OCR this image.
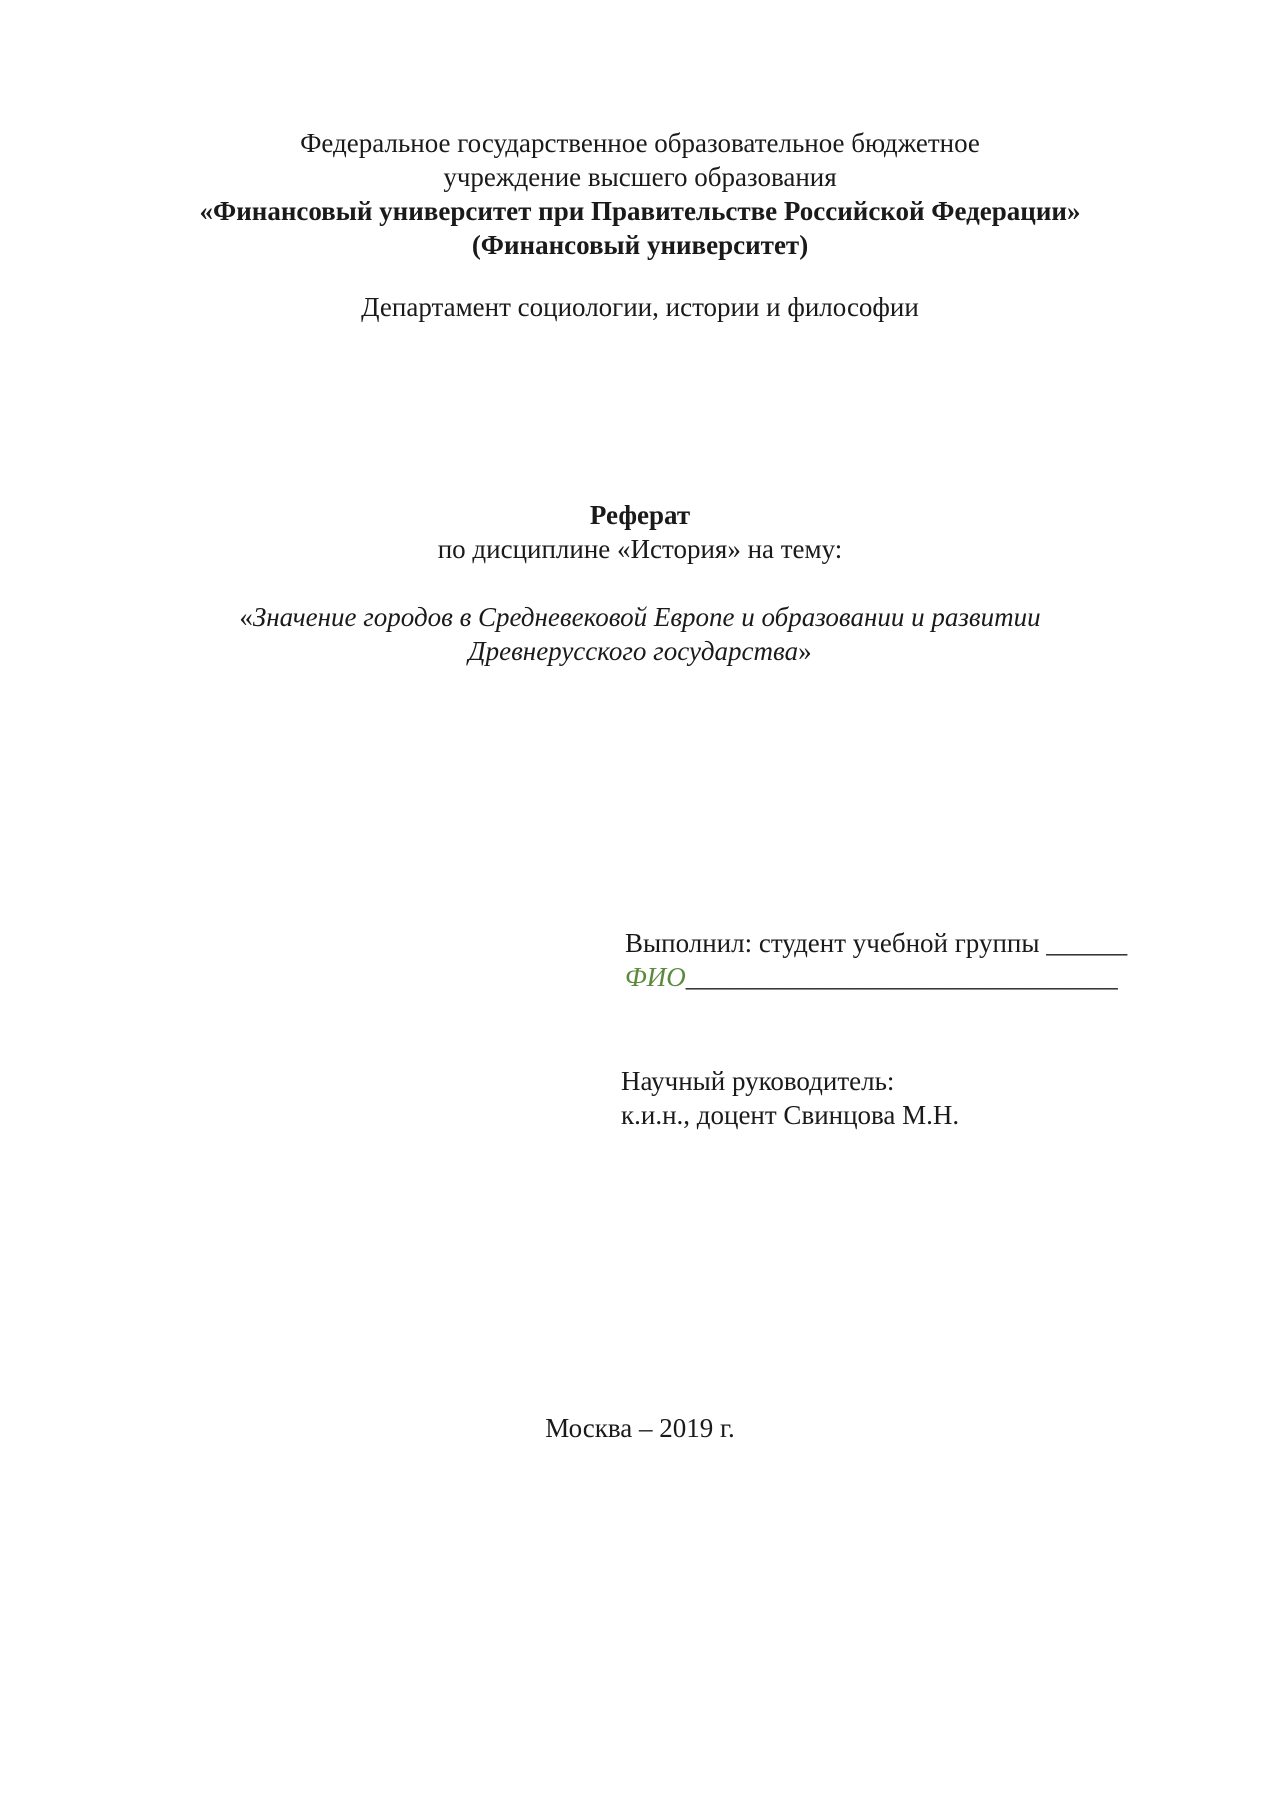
Федеральное государственное образовательное бюджетное
учреждение высшего образования
«Финансовый университет при Правительстве Российской Федерации»
(Финансовый университет)
Департамент социологии, истории и философии
Реферат
по дисциплине «История» на тему:
«Значение городов в Средневековой Европе и образовании и развитии
Древнерусского государства»
Выполнил: студент учебной группы ______
ФИО________________________________
Научный руководитель:
к.и.н., доцент Свинцова М.Н.
Москва – 2019 г.
